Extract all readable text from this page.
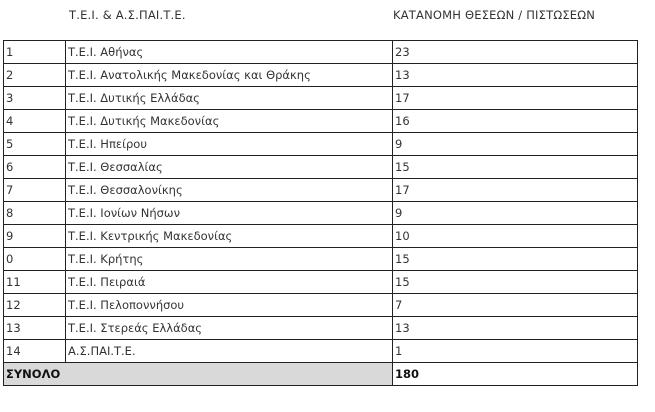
Τ.Ε.Ι. & Α.Σ.ΠΑΙ.Τ.Ε.	ΚΑΤΑΝΟΜΗ ΘΕΣΕΩΝ / ΠΙΣΤΩΣΕΩΝ
1	Τ.Ε.Ι. Αθήνας	23
2	Τ.Ε.Ι. Ανατολικής Μακεδονίας και Θράκης	13
3	Τ.Ε.Ι. Δυτικής Ελλάδας	17
4	Τ.Ε.Ι. Δυτικής Μακεδονίας	16
5	Τ.Ε.Ι. Ηπείρου	9
6	Τ.Ε.Ι. Θεσσαλίας	15
7	Τ.Ε.Ι. Θεσσαλονίκης	17
8	Τ.Ε.Ι. Ιονίων Νήσων	9
9	Τ.Ε.Ι. Κεντρικής Μακεδονίας	10
0	Τ.Ε.Ι. Κρήτης	15
11	Τ.Ε.Ι. Πειραιά	15
12	Τ.Ε.Ι. Πελοποννήσου	7
13	Τ.Ε.Ι. Στερεάς Ελλάδας	13
14	Α.Σ.ΠΑΙ.Τ.Ε.	1
ΣΥΝΟΛΟ		180
